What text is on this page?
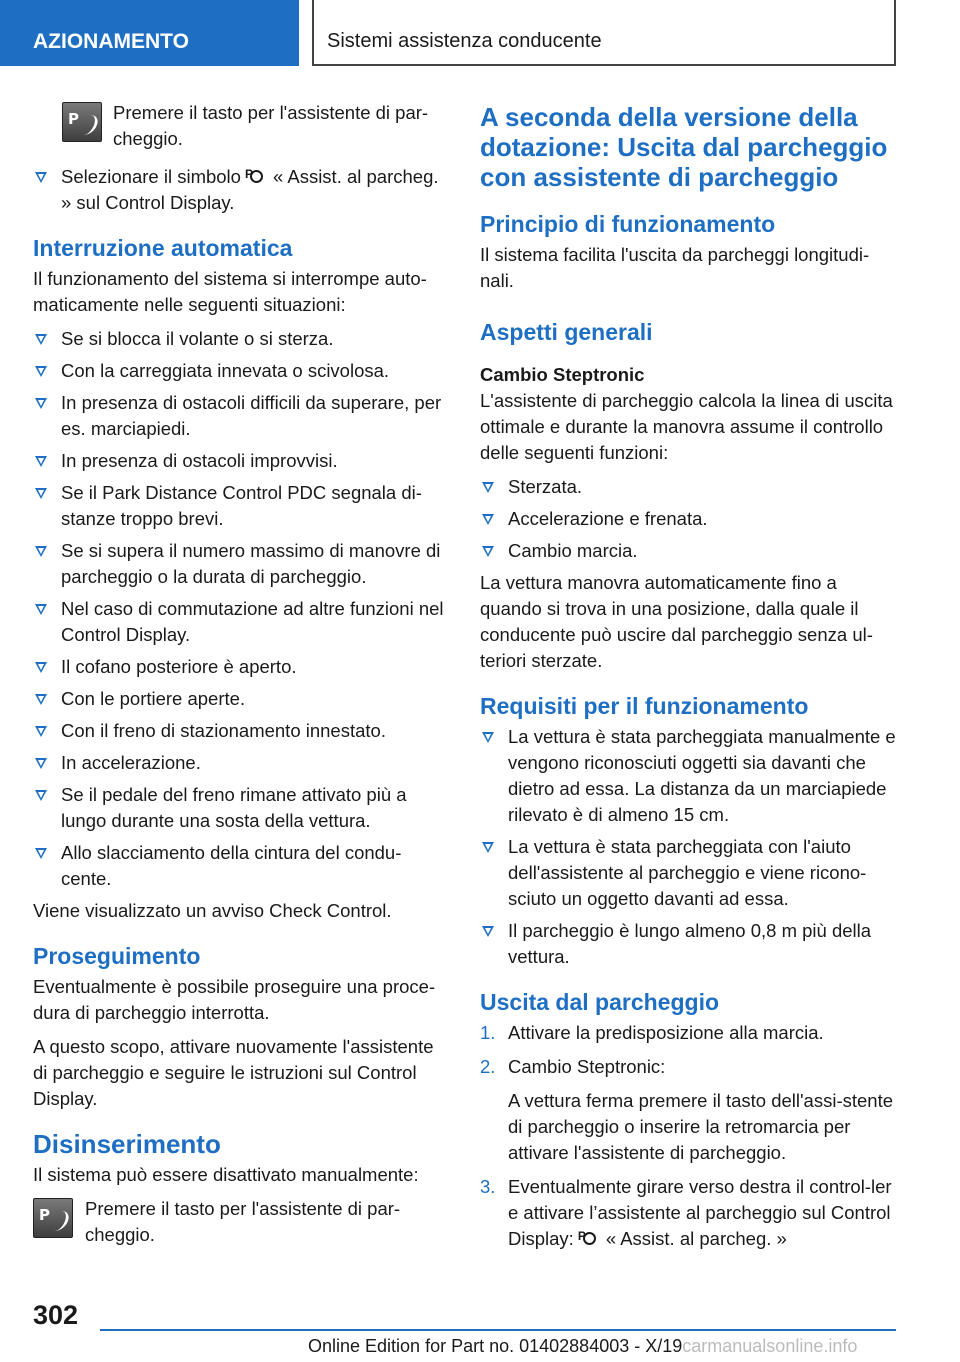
AZIONAMENTO	Sistemi assistenza conducente
P Premere il tasto per l'assistente di par-cheggio.
Selezionare il simbolo P « Assist. al parcheg. » sul Control Display.
Interruzione automatica

Il funzionamento del sistema si interrompe auto-maticamente nelle seguenti situazioni:

Se si blocca il volante o si sterza.
Con la carreggiata innevata o scivolosa.
In presenza di ostacoli difficili da superare, per es. marciapiedi.
In presenza di ostacoli improvvisi.
Se il Park Distance Control PDC segnala di-stanze troppo brevi.
Se si supera il numero massimo di manovre di parcheggio o la durata di parcheggio.
Nel caso di commutazione ad altre funzioni nel Control Display.
Il cofano posteriore è aperto.
Con le portiere aperte.
Con il freno di stazionamento innestato.
In accelerazione.
Se il pedale del freno rimane attivato più a lungo durante una sosta della vettura.
Allo slacciamento della cintura del condu-cente.

Viene visualizzato un avviso Check Control.

Proseguimento

Eventualmente è possibile proseguire una proce-dura di parcheggio interrotta.

A questo scopo, attivare nuovamente l'assistente di parcheggio e seguire le istruzioni sul Control Display.

Disinserimento

Il sistema può essere disattivato manualmente:

P Premere il tasto per l'assistente di par-cheggio.
A seconda della versione della dotazione: Uscita dal parcheggio con assistente di parcheggio
Principio di funzionamento

Il sistema facilita l'uscita da parcheggi longitudi-nali.

Aspetti generali
Cambio Steptronic

L'assistente di parcheggio calcola la linea di uscita ottimale e durante la manovra assume il controllo delle seguenti funzioni:

Sterzata.
Accelerazione e frenata.
Cambio marcia.

La vettura manovra automaticamente fino a quando si trova in una posizione, dalla quale il conducente può uscire dal parcheggio senza ul-teriori sterzate.

Requisiti per il funzionamento
La vettura è stata parcheggiata manualmente e vengono riconosciuti oggetti sia davanti che dietro ad essa. La distanza da un marciapiede rilevato è di almeno 15 cm.
La vettura è stata parcheggiata con l'aiuto dell'assistente al parcheggio e viene ricono-sciuto un oggetto davanti ad essa.
Il parcheggio è lungo almeno 0,8 m più della vettura.
Uscita dal parcheggio
1. Attivare la predisposizione alla marcia.
2. Cambio Steptronic:
A vettura ferma premere il tasto dell'assi-stente di parcheggio o inserire la retromarcia per attivare l'assistente di parcheggio.
3. Eventualmente girare verso destra il control-ler e attivare l’assistente al parcheggio sul Control Display: P « Assist. al parcheg. »
302
Online Edition for Part no. 01402884003 - X/19carmanualsonline.info
